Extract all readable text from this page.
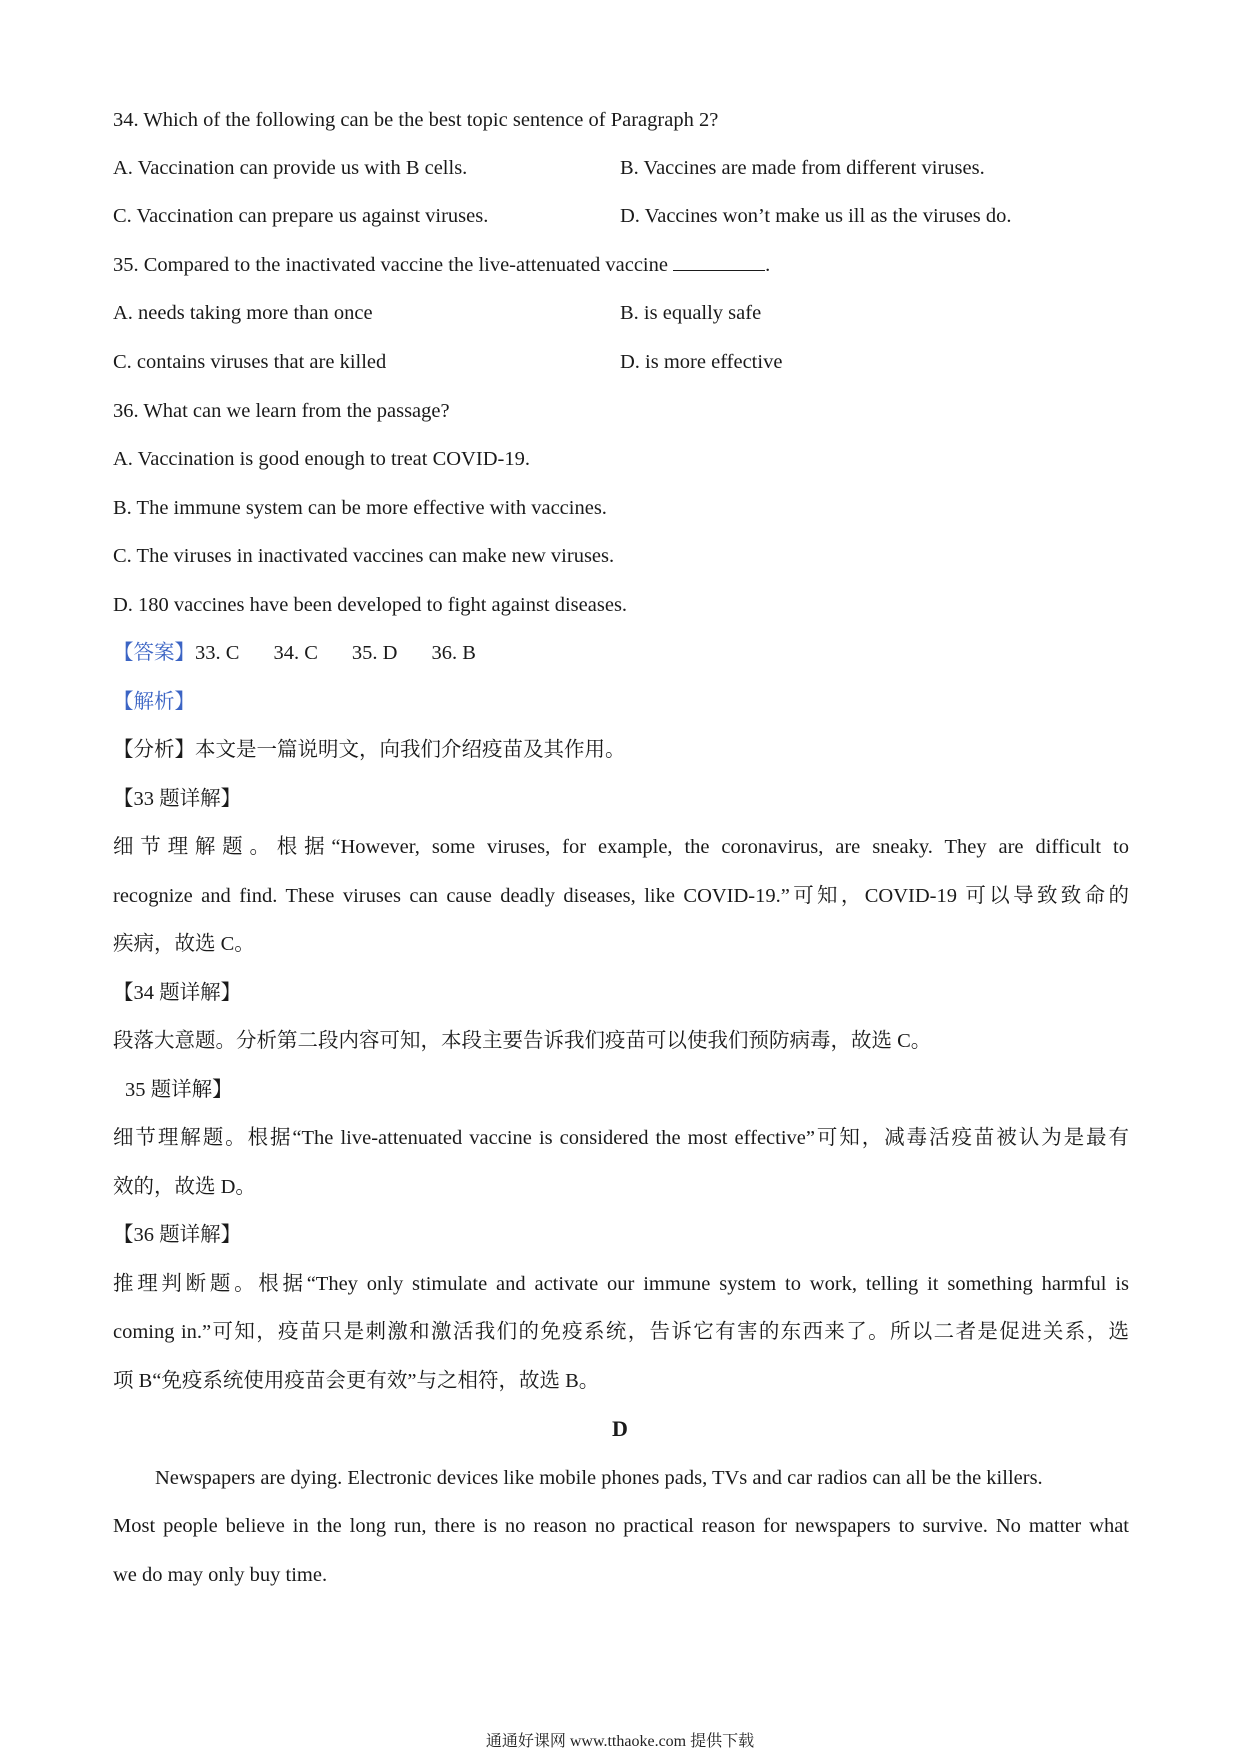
34. Which of the following can be the best topic sentence of Paragraph 2?
A. Vaccination can provide us with B cells.	B. Vaccines are made from different viruses.
C. Vaccination can prepare us against viruses.	D. Vaccines won’t make us ill as the viruses do.
35. Compared to the inactivated vaccine the live-attenuated vaccine	.
A. needs taking more than once	B. is equally safe
C. contains viruses that are killed	D. is more effective
36. What can we learn from the passage?
A. Vaccination is good enough to treat COVID-19.
B. The immune system can be more effective with vaccines.
C. The viruses in inactivated vaccines can make new viruses.
D. 180 vaccines have been developed to fight against diseases.
【答案】33. C 34. C 35. D 36. B
【解析】
【分析】本文是一篇说明文，向我们介绍疫苗及其作用。
【33 题详解】
细节理解题。根据“However, some viruses, for example, the coronavirus, are sneaky. They are difficult to
recognize and find. These viruses can cause deadly diseases, like COVID-19.”可知，COVID-19 可以导致致命的
疾病，故选 C。
【34 题详解】
段落大意题。分析第二段内容可知，本段主要告诉我们疫苗可以使我们预防病毒，故选 C。
35 题详解】
细节理解题。根据“The live-attenuated vaccine is considered the most effective”可知，减毒活疫苗被认为是最有
效的，故选 D。
【36 题详解】
推理判断题。根据“They only stimulate and activate our immune system to work, telling it something harmful is
coming in.”可知，疫苗只是刺激和激活我们的免疫系统，告诉它有害的东西来了。所以二者是促进关系，选
项 B“免疫系统使用疫苗会更有效”与之相符，故选 B。
D
Newspapers are dying. Electronic devices like mobile phones pads, TVs and car radios can all be the killers.
Most people believe in the long run, there is no reason no practical reason for newspapers to survive. No matter what
we do may only buy time.
通通好课网 www.tthaoke.com 提供下载
